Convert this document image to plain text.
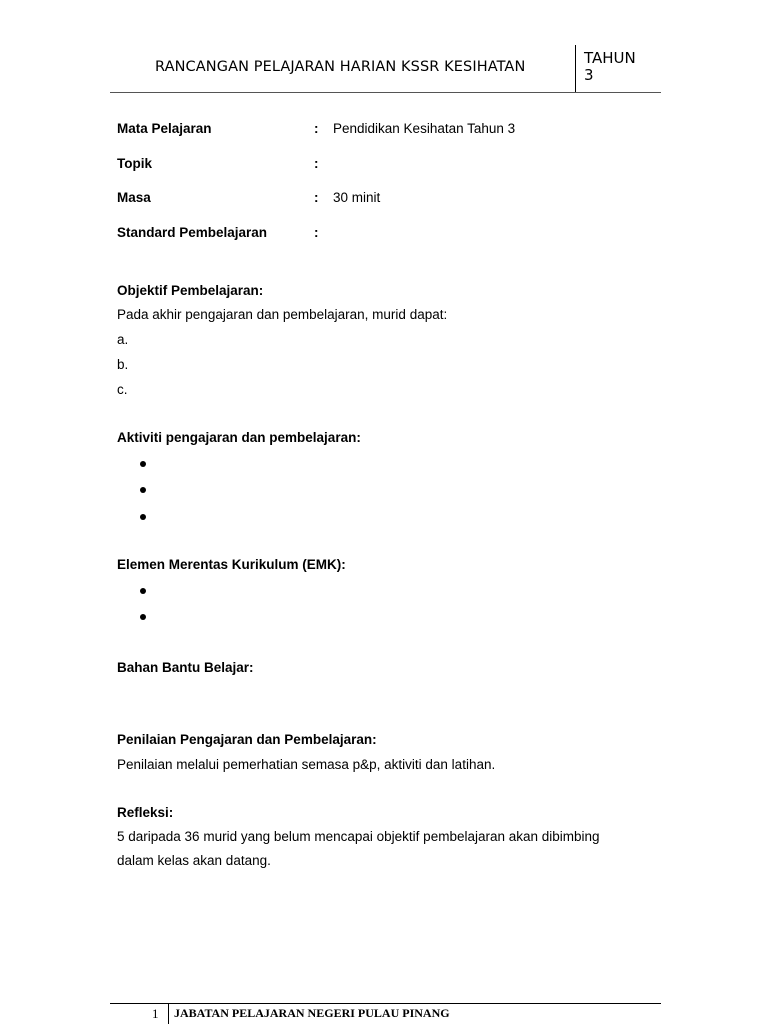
RANCANGAN PELAJARAN HARIAN KSSR KESIHATAN	TAHUN
3
Mata Pelajaran	: Pendidikan Kesihatan Tahun 3
Topik	:
Masa	: 30 minit
Standard Pembelajaran	:
Objektif Pembelajaran:
Pada akhir pengajaran dan pembelajaran, murid dapat:
a.
b.
c.
Aktiviti pengajaran dan pembelajaran:
Elemen Merentas Kurikulum (EMK):
Bahan Bantu Belajar:
Penilaian Pengajaran dan Pembelajaran:
Penilaian melalui pemerhatian semasa p&p, aktiviti dan latihan.
Refleksi:
5 daripada 36 murid yang belum mencapai objektif pembelajaran akan dibimbing
dalam kelas akan datang.
1 JABATAN PELAJARAN NEGERI PULAU PINANG
